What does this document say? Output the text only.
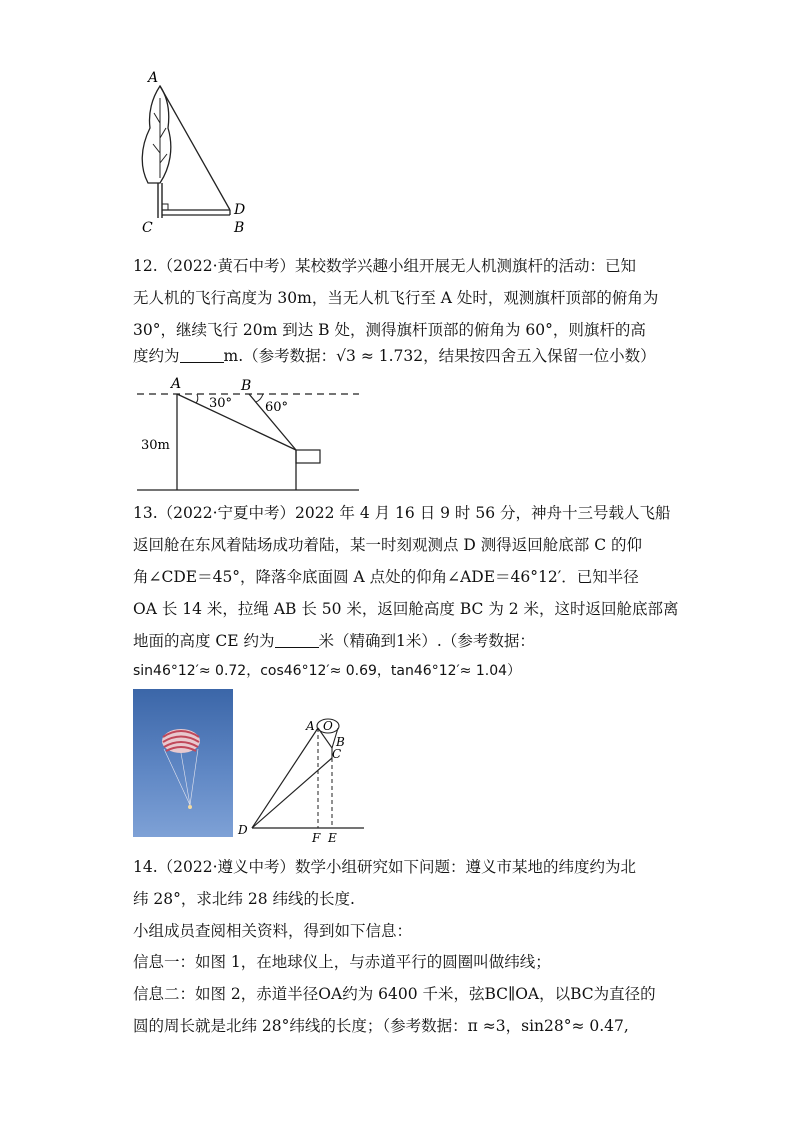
A
C
D
B
12.（2022·黄石中考）某校数学兴趣小组开展无人机测旗杆的活动：已知
无人机的飞行高度为 30m，当无人机飞行至 A 处时，观测旗杆顶部的俯角为
30°，继续飞行 20m 到达 B 处，测得旗杆顶部的俯角为 60°，则旗杆的高
度约为	m.（参考数据：√3 ≈ 1.732，结果按四舍五入保留一位小数）
A	B
30°	60°
30m
13.（2022·宁夏中考）2022 年 4 月 16 日 9 时 56 分，神舟十三号载人飞船
返回舱在东风着陆场成功着陆，某一时刻观测点 D 测得返回舱底部 C 的仰
角∠CDE＝45°，降落伞底面圆 A 点处的仰角∠ADE＝46°12′．已知半径
OA 长 14 米，拉绳 AB 长 50 米，返回舱高度 BC 为 2 米，这时返回舱底部离
地面的高度 CE 约为	米（精确到1米）.（参考数据：
sin46°12′≈ 0.72，cos46°12′≈ 0.69，tan46°12′≈ 1.04）
A O
B
C
D
F E
14.（2022·遵义中考）数学小组研究如下问题：遵义市某地的纬度约为北
纬 28°，求北纬 28 纬线的长度.
小组成员查阅相关资料，得到如下信息：
信息一：如图 1，在地球仪上，与赤道平行的圆圈叫做纬线；
信息二：如图 2，赤道半径OA约为 6400 千米，弦BC∥OA，以BC为直径的
圆的周长就是北纬 28°纬线的长度；（参考数据：π ≈3，sin28°≈ 0.47,
